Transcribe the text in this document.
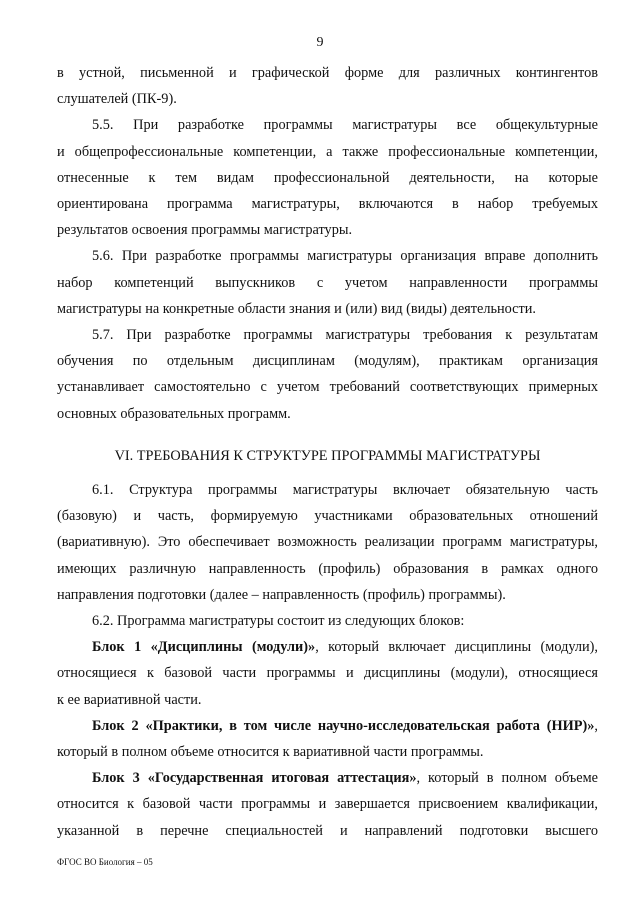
9

в устной, письменной и графической форме для различных контингентов

слушателей (ПК-9).

5.5. При разработке программы магистратуры все общекультурные

и общепрофессиональные компетенции, а также профессиональные компетенции,

отнесенные к тем видам профессиональной деятельности, на которые

ориентирована программа магистратуры, включаются в набор требуемых

результатов освоения программы магистратуры.

5.6. При разработке программы магистратуры организация вправе дополнить

набор компетенций выпускников с учетом направленности программы

магистратуры на конкретные области знания и (или) вид (виды) деятельности.

5.7. При разработке программы магистратуры требования к результатам

обучения по отдельным дисциплинам (модулям), практикам организация

устанавливает самостоятельно с учетом требований соответствующих примерных

основных образовательных программ.

VI. ТРЕБОВАНИЯ К СТРУКТУРЕ ПРОГРАММЫ МАГИСТРАТУРЫ

6.1. Структура программы магистратуры включает обязательную часть

(базовую) и часть, формируемую участниками образовательных отношений

(вариативную). Это обеспечивает возможность реализации программ магистратуры,

имеющих различную направленность (профиль) образования в рамках одного

направления подготовки (далее – направленность (профиль) программы).

6.2. Программа магистратуры состоит из следующих блоков:

Блок 1 «Дисциплины (модули)», который включает дисциплины (модули),

относящиеся к базовой части программы и дисциплины (модули), относящиеся

к ее вариативной части.

Блок 2 «Практики, в том числе научно-исследовательская работа (НИР)»,

который в полном объеме относится к вариативной части программы.

Блок 3 «Государственная итоговая аттестация», который в полном объеме

относится к базовой части программы и завершается присвоением квалификации,

указанной в перечне специальностей и направлений подготовки высшего

ФГОС ВО Биология – 05
